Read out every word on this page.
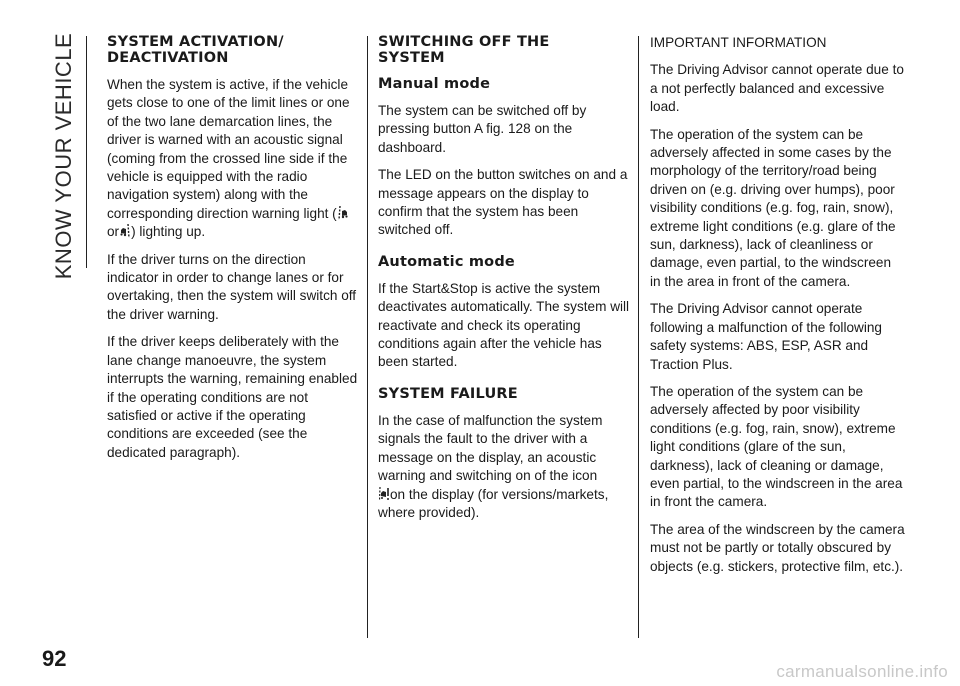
KNOW YOUR VEHICLE SYSTEM ACTIVATION/
DEACTIVATION

When the system is active, if the vehicle gets close to one of the limit lines or one of the two lane demarcation lines, the driver is warned with an acoustic signal (coming from the crossed line side if the vehicle is equipped with the radio navigation system) along with the corresponding direction warning light (
or ) lighting up.

If the driver turns on the direction indicator in order to change lanes or for overtaking, then the system will switch off the driver warning.

If the driver keeps deliberately with the lane change manoeuvre, the system interrupts the warning, remaining enabled if the operating conditions are not satisfied or active if the operating conditions are exceeded (see the dedicated paragraph).

SWITCHING OFF THE
SYSTEM
Manual mode

The system can be switched off by pressing button A fig. 128 on the dashboard.

The LED on the button switches on and a message appears on the display to confirm that the system has been switched off.

Automatic mode

If the Start&Stop is active the system deactivates automatically. The system will reactivate and check its operating conditions again after the vehicle has been started.

SYSTEM FAILURE

In the case of malfunction the system signals the fault to the driver with a message on the display, an acoustic warning and switching on of the icon

on the display (for versions/markets, where provided).

IMPORTANT INFORMATION

The Driving Advisor cannot operate due to a not perfectly balanced and excessive load.

The operation of the system can be adversely affected in some cases by the morphology of the territory/road being driven on (e.g. driving over humps), poor visibility conditions (e.g. fog, rain, snow), extreme light conditions (e.g. glare of the sun, darkness), lack of cleanliness or damage, even partial, to the windscreen in the area in front of the camera.

The Driving Advisor cannot operate following a malfunction of the following safety systems: ABS, ESP, ASR and Traction Plus.

The operation of the system can be adversely affected by poor visibility conditions (e.g. fog, rain, snow), extreme light conditions (glare of the sun, darkness), lack of cleaning or damage, even partial, to the windscreen in the area in front the camera.

The area of the windscreen by the camera must not be partly or totally obscured by objects (e.g. stickers, protective film, etc.).

92
carmanualsonline.info
